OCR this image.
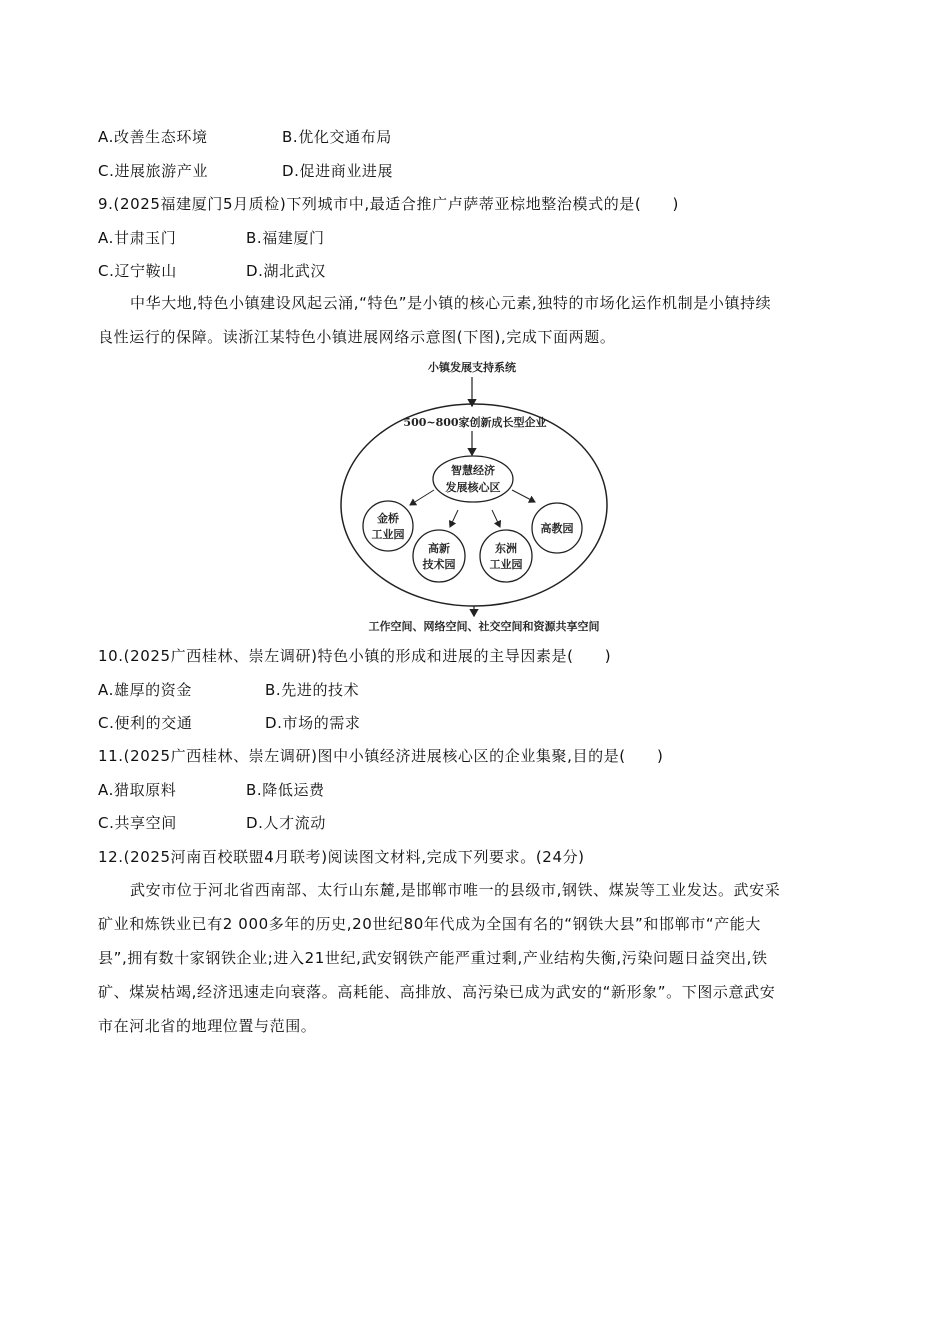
A.改善生态环境	B.优化交通布局
C.进展旅游产业	D.促进商业进展
9.(2025福建厦门5月质检)下列城市中,最适合推广卢萨蒂亚棕地整治模式的是(　　)
A.甘肃玉门	B.福建厦门
C.辽宁鞍山	D.湖北武汉
中华大地,特色小镇建设风起云涌,“特色”是小镇的核心元素,独特的市场化运作机制是小镇持续
良性运行的保障。读浙江某特色小镇进展网络示意图(下图),完成下面两题。
小镇发展支持系统
500~800家创新成长型企业
智慧经济
发展核心区
金桥
工业园
高新
技术园
东洲
工业园
高教园
工作空间、网络空间、社交空间和资源共享空间
10.(2025广西桂林、崇左调研)特色小镇的形成和进展的主导因素是(　　)
A.雄厚的资金	B.先进的技术
C.便利的交通	D.市场的需求
11.(2025广西桂林、崇左调研)图中小镇经济进展核心区的企业集聚,目的是(　　)
A.猎取原料	B.降低运费
C.共享空间	D.人才流动
12.(2025河南百校联盟4月联考)阅读图文材料,完成下列要求。(24分)
武安市位于河北省西南部、太行山东麓,是邯郸市唯一的县级市,钢铁、煤炭等工业发达。武安采
矿业和炼铁业已有2 000多年的历史,20世纪80年代成为全国有名的“钢铁大县”和邯郸市“产能大
县”,拥有数十家钢铁企业;进入21世纪,武安钢铁产能严重过剩,产业结构失衡,污染问题日益突出,铁
矿、煤炭枯竭,经济迅速走向衰落。高耗能、高排放、高污染已成为武安的“新形象”。下图示意武安
市在河北省的地理位置与范围。
